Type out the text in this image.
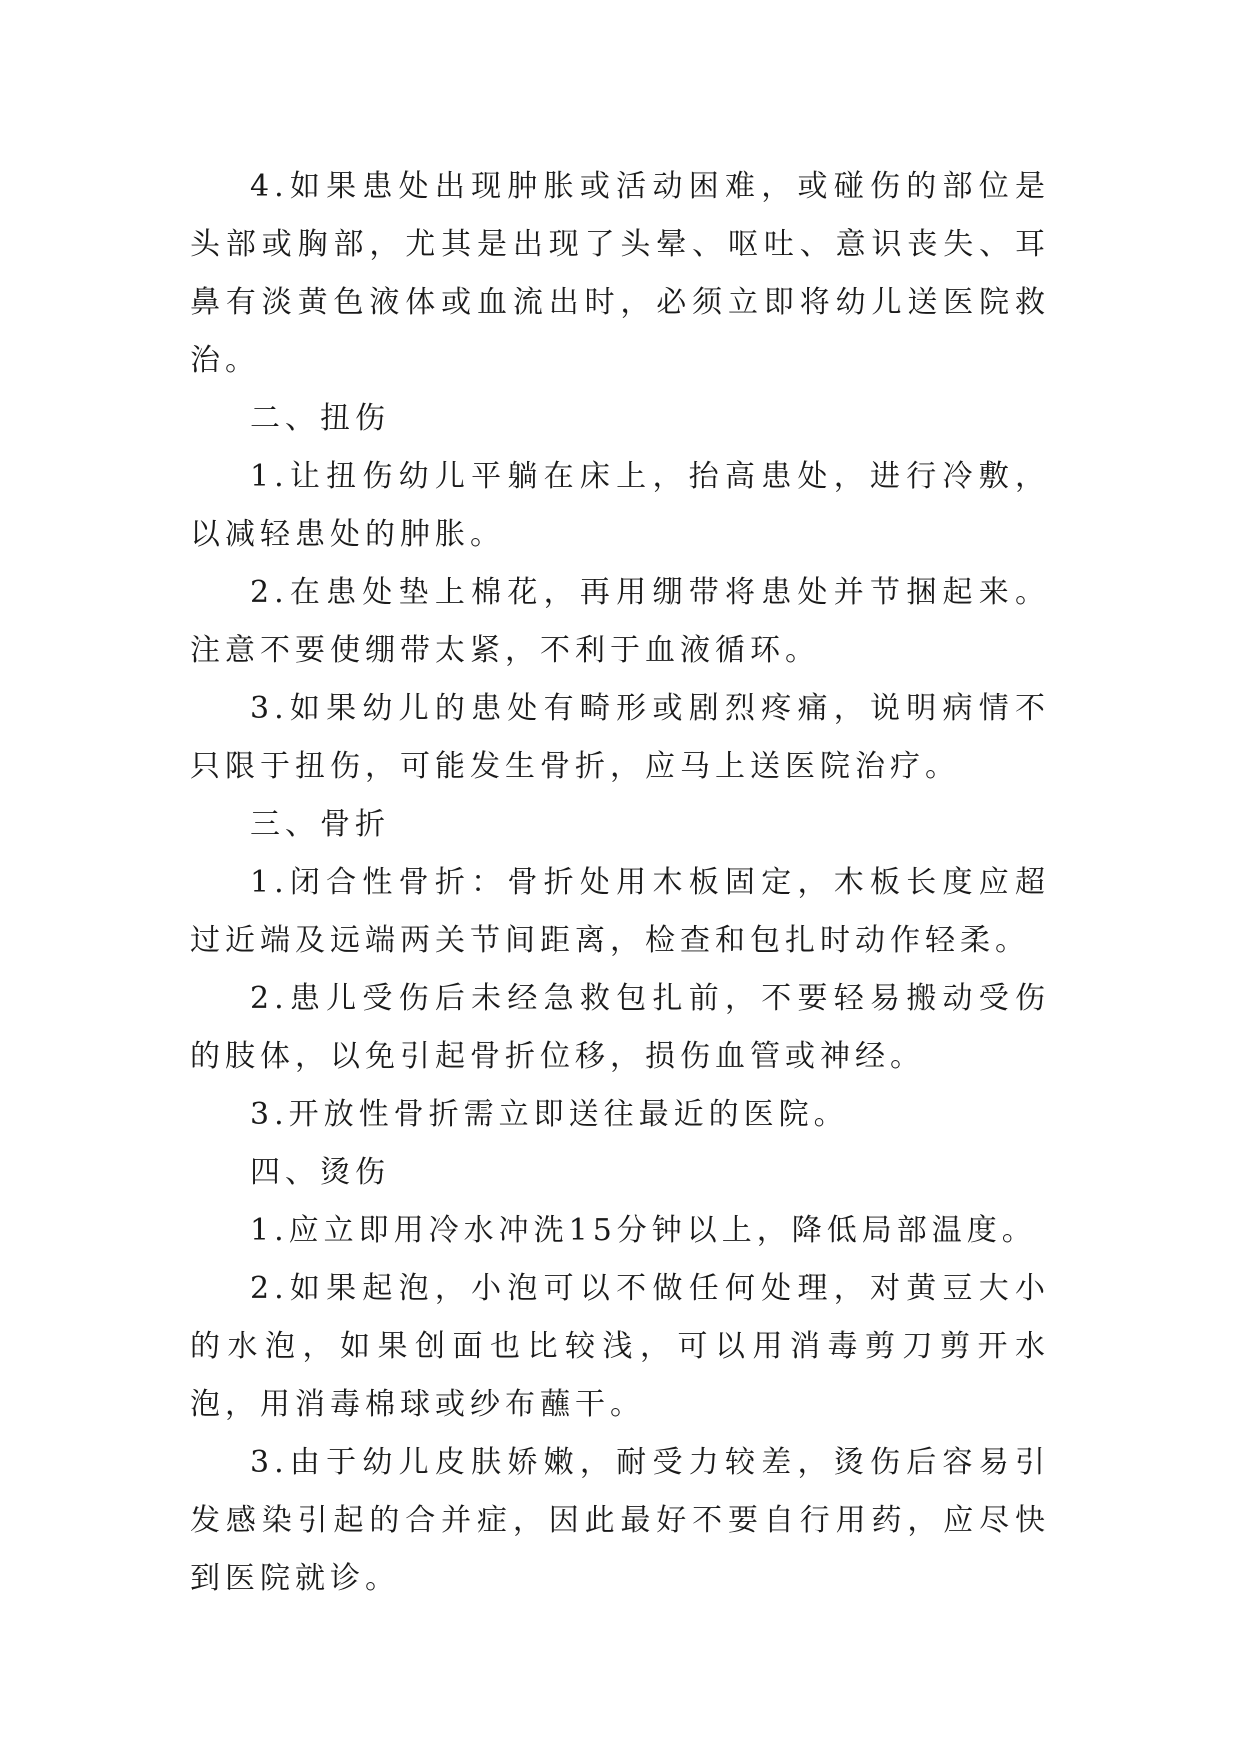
4.如果患处出现肿胀或活动困难，或碰伤的部位是头部或胸部，尤其是出现了头晕、呕吐、意识丧失、耳鼻有淡黄色液体或血流出时，必须立即将幼儿送医院救治。

二、扭伤

1.让扭伤幼儿平躺在床上，抬高患处，进行冷敷，以减轻患处的肿胀。

2.在患处垫上棉花，再用绷带将患处并节捆起来。注意不要使绷带太紧，不利于血液循环。

3.如果幼儿的患处有畸形或剧烈疼痛，说明病情不只限于扭伤，可能发生骨折，应马上送医院治疗。

三、骨折

1.闭合性骨折：骨折处用木板固定，木板长度应超过近端及远端两关节间距离，检查和包扎时动作轻柔。

2.患儿受伤后未经急救包扎前，不要轻易搬动受伤的肢体，以免引起骨折位移，损伤血管或神经。

3.开放性骨折需立即送往最近的医院。

四、烫伤

1.应立即用冷水冲洗15分钟以上，降低局部温度。

2.如果起泡，小泡可以不做任何处理，对黄豆大小的水泡，如果创面也比较浅，可以用消毒剪刀剪开水泡，用消毒棉球或纱布蘸干。

3.由于幼儿皮肤娇嫩，耐受力较差，烫伤后容易引发感染引起的合并症，因此最好不要自行用药，应尽快到医院就诊。
